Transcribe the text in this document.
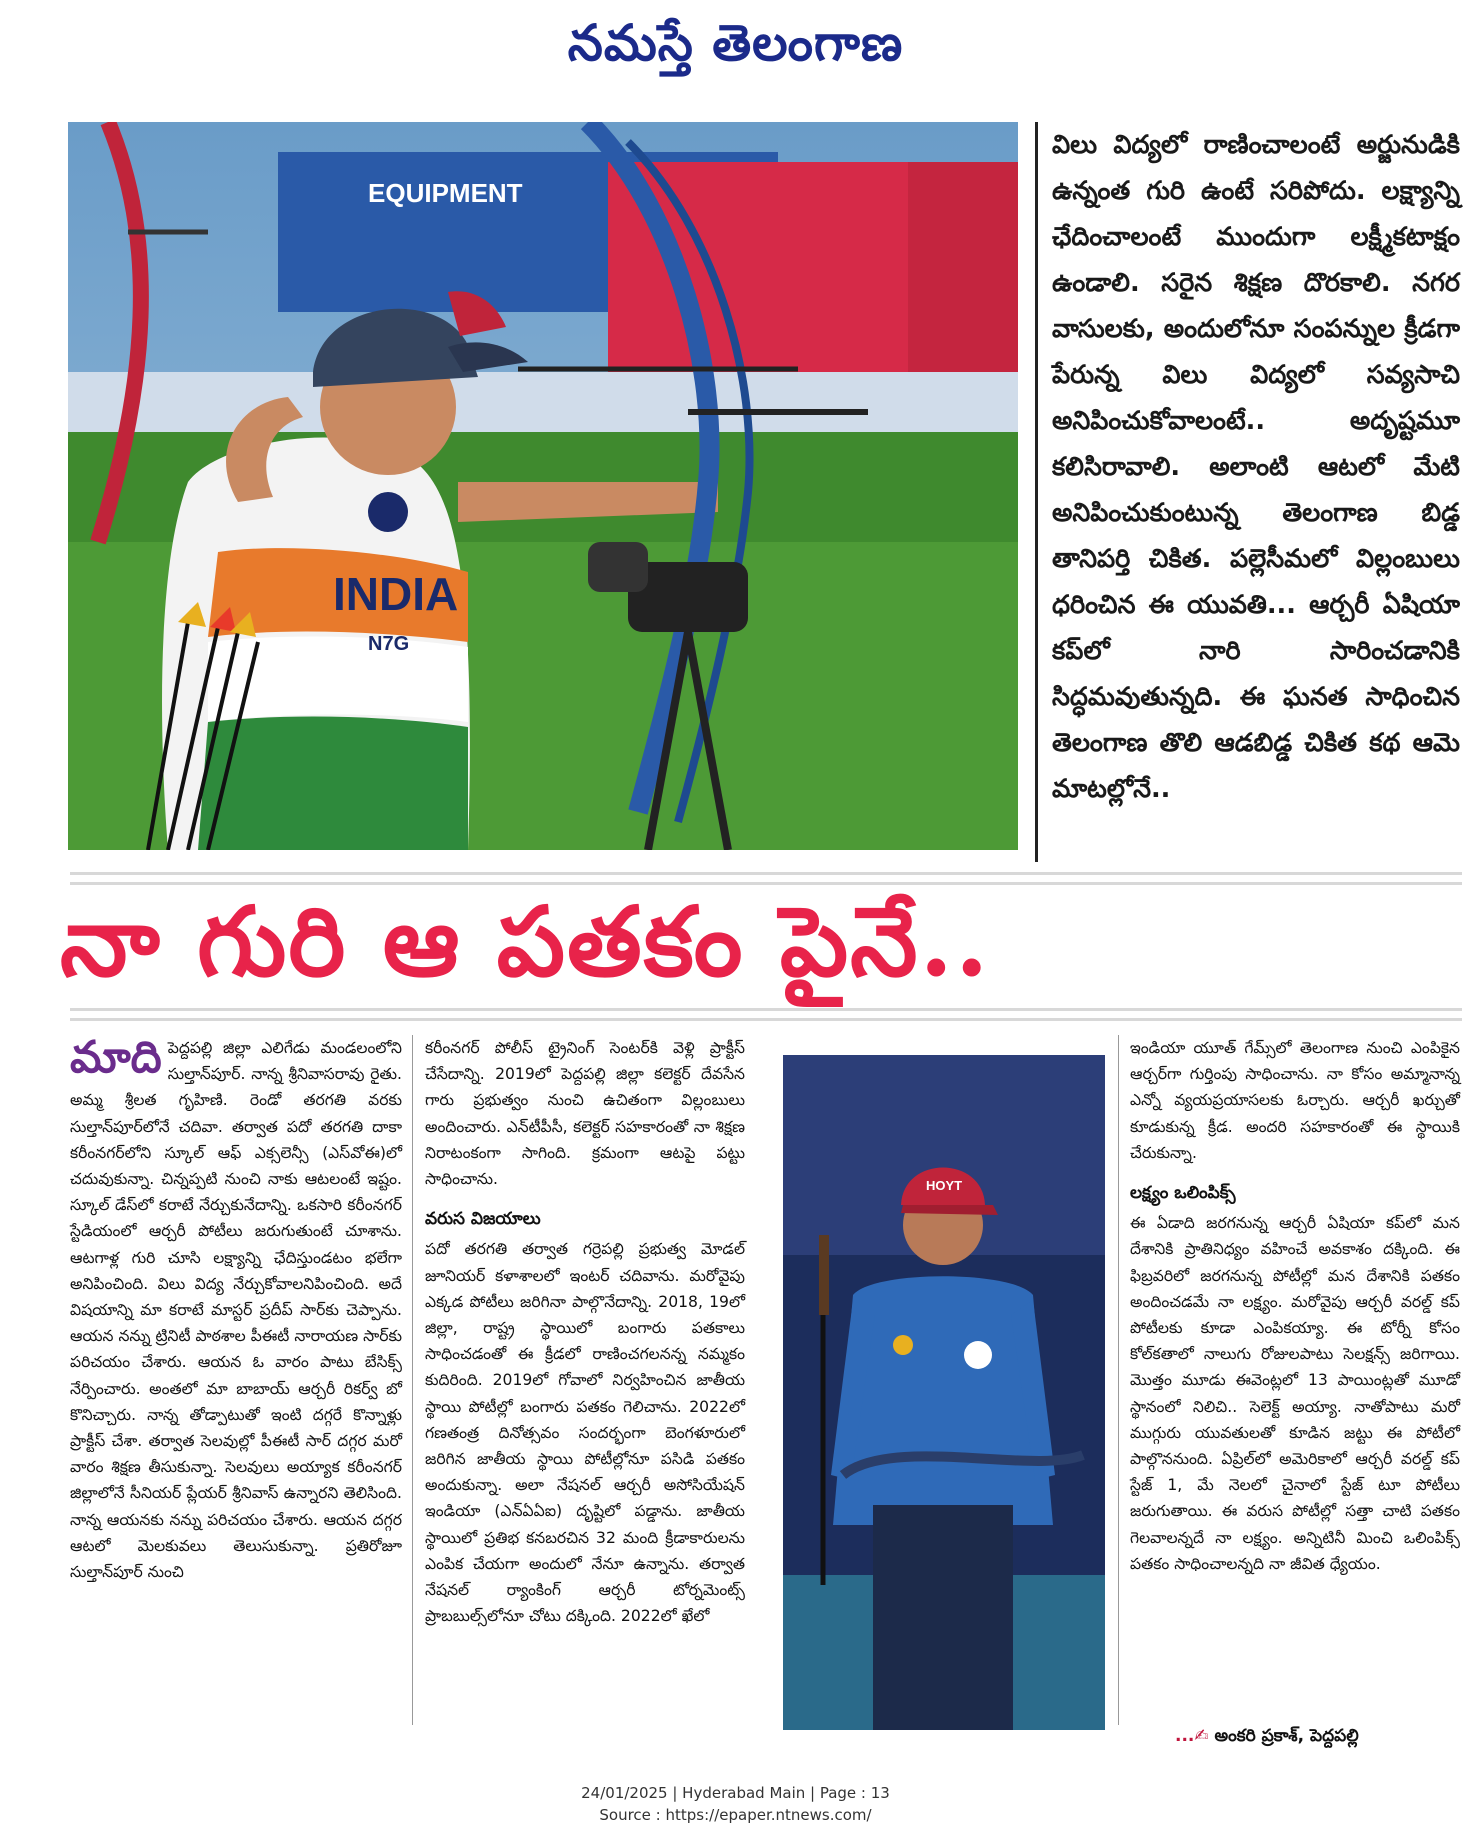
నమస్తే తెలంగాణ
EQUIPMENT
INDIA
N7G

విలు విద్యలో రాణించాలంటే అర్జునుడికి ఉన్నంత గురి ఉంటే సరిపోదు. లక్ష్యాన్ని ఛేదించాలంటే ముందుగా లక్ష్మీకటాక్షం ఉండాలి. సరైన శిక్షణ దొరకాలి. నగర వాసులకు, అందులోనూ సంపన్నుల క్రీడగా పేరున్న విలు విద్యలో సవ్యసాచి అనిపించుకోవాలంటే.. అదృష్టమూ కలిసిరావాలి. అలాంటి ఆటలో మేటి అనిపించుకుంటున్న తెలంగాణ బిడ్డ తానిపర్తి చికిత. పల్లెసీమలో విల్లంబులు ధరించిన ఈ యువతి... ఆర్చరీ ఏషియా కప్‌లో నారి సారించడానికి సిద్ధమవుతున్నది. ఈ ఘనత సాధించిన తెలంగాణ తొలి ఆడబిడ్డ చికిత కథ ఆమె మాటల్లోనే..

నా గురి ఆ పతకం పైనే..
మాది పెద్దపల్లి జిల్లా ఎలిగేడు మండలంలోని సుల్తాన్‌పూర్. నాన్న శ్రీనివాసరావు రైతు. అమ్మ శ్రీలత గృహిణి. రెండో తరగతి వరకు సుల్తాన్‌పూర్‌లోనే చదివా. తర్వాత పదో తరగతి దాకా కరీంనగర్‌లోని స్కూల్ ఆఫ్ ఎక్సలెన్సీ (ఎస్‌వోఈ)లో చదువుకున్నా. చిన్నప్పటి నుంచి నాకు ఆటలంటే ఇష్టం. స్కూల్ డేస్‌లో కరాటే నేర్చుకునేదాన్ని. ఒకసారి కరీంనగర్ స్టేడియంలో ఆర్చరీ పోటీలు జరుగుతుంటే చూశాను. ఆటగాళ్ల గురి చూసి లక్ష్యాన్ని ఛేదిస్తుండటం భలేగా అనిపించింది. విలు విద్య నేర్చుకోవాలనిపించింది. అదే విషయాన్ని మా కరాటే మాస్టర్ ప్రదీప్ సార్‌కు చెప్పాను. ఆయన నన్ను ట్రినిటీ పాఠశాల పీఈటీ నారాయణ సార్‌కు పరిచయం చేశారు. ఆయన ఓ వారం పాటు బేసిక్స్ నేర్పించారు. అంతలో మా బాబాయ్ ఆర్చరీ రికర్వ్ బో కొనిచ్చారు. నాన్న తోడ్పాటుతో ఇంటి దగ్గరే కొన్నాళ్లు ప్రాక్టీస్ చేశా. తర్వాత సెలవుల్లో పీఈటీ సార్ దగ్గర మరో వారం శిక్షణ తీసుకున్నా. సెలవులు అయ్యాక కరీంనగర్ జిల్లాలోనే సీనియర్ ప్లేయర్ శ్రీనివాస్ ఉన్నారని తెలిసింది. నాన్న ఆయనకు నన్ను పరిచయం చేశారు. ఆయన దగ్గర ఆటలో మెలకువలు తెలుసుకున్నా. ప్రతిరోజూ సుల్తాన్‌పూర్ నుంచి

కరీంనగర్ పోలీస్ ట్రైనింగ్ సెంటర్‌కి వెళ్లి ప్రాక్టీస్ చేసేదాన్ని. 2019లో పెద్దపల్లి జిల్లా కలెక్టర్ దేవసేన గారు ప్రభుత్వం నుంచి ఉచితంగా విల్లంబులు అందించారు. ఎన్‌టీపీసీ, కలెక్టర్ సహకారంతో నా శిక్షణ నిరాటంకంగా సాగింది. క్రమంగా ఆటపై పట్టు సాధించాను.

వరుస విజయాలు

పదో తరగతి తర్వాత గర్రెపల్లి ప్రభుత్వ మోడల్ జూనియర్ కళాశాలలో ఇంటర్ చదివాను. మరోవైపు ఎక్కడ పోటీలు జరిగినా పాల్గొనేదాన్ని. 2018, 19లో జిల్లా, రాష్ట్ర స్థాయిలో బంగారు పతకాలు సాధించడంతో ఈ క్రీడలో రాణించగలనన్న నమ్మకం కుదిరింది. 2019లో గోవాలో నిర్వహించిన జాతీయ స్థాయి పోటీల్లో బంగారు పతకం గెలిచాను. 2022లో గణతంత్ర దినోత్సవం సందర్భంగా బెంగళూరులో జరిగిన జాతీయ స్థాయి పోటీల్లోనూ పసిడి పతకం అందుకున్నా. అలా నేషనల్ ఆర్చరీ అసోసియేషన్ ఇండియా (ఎన్‌ఏఏఐ) దృష్టిలో పడ్డాను. జాతీయ స్థాయిలో ప్రతిభ కనబరచిన 32 మంది క్రీడాకారులను ఎంపిక చేయగా అందులో నేనూ ఉన్నాను. తర్వాత నేషనల్ ర్యాంకింగ్ ఆర్చరీ టోర్నమెంట్స్ ప్రాబబుల్స్‌లోనూ చోటు దక్కింది. 2022లో ఖేలో

HOYT

ఇండియా యూత్ గేమ్స్‌లో తెలంగాణ నుంచి ఎంపికైన ఆర్చర్‌గా గుర్తింపు సాధించాను. నా కోసం అమ్మానాన్న ఎన్నో వ్యయప్రయాసలకు ఓర్చారు. ఆర్చరీ ఖర్చుతో కూడుకున్న క్రీడ. అందరి సహకారంతో ఈ స్థాయికి చేరుకున్నా.

లక్ష్యం ఒలింపిక్స్

ఈ ఏడాది జరగనున్న ఆర్చరీ ఏషియా కప్‌లో మన దేశానికి ప్రాతినిధ్యం వహించే అవకాశం దక్కింది. ఈ ఫిబ్రవరిలో జరగనున్న పోటీల్లో మన దేశానికి పతకం అందించడమే నా లక్ష్యం. మరోవైపు ఆర్చరీ వరల్డ్ కప్ పోటీలకు కూడా ఎంపికయ్యా. ఈ టోర్నీ కోసం కోల్‌కతాలో నాలుగు రోజులపాటు సెలక్షన్స్ జరిగాయి. మొత్తం మూడు ఈవెంట్లలో 13 పాయింట్లతో మూడో స్థానంలో నిలిచి.. సెలెక్ట్ అయ్యా. నాతోపాటు మరో ముగ్గురు యువతులతో కూడిన జట్టు ఈ పోటీలో పాల్గొననుంది. ఏప్రిల్‌లో అమెరికాలో ఆర్చరీ వరల్డ్ కప్ స్టేజ్ 1, మే నెలలో చైనాలో స్టేజ్ టూ పోటీలు జరుగుతాయి. ఈ వరుస పోటీల్లో సత్తా చాటి పతకం గెలవాలన్నదే నా లక్ష్యం. అన్నిటినీ మించి ఒలింపిక్స్ పతకం సాధించాలన్నది నా జీవిత ధ్యేయం.

...✍ అంకరి ప్రకాశ్, పెద్దపల్లి
24/01/2025 | Hyderabad Main | Page : 13
Source : https://epaper.ntnews.com/
